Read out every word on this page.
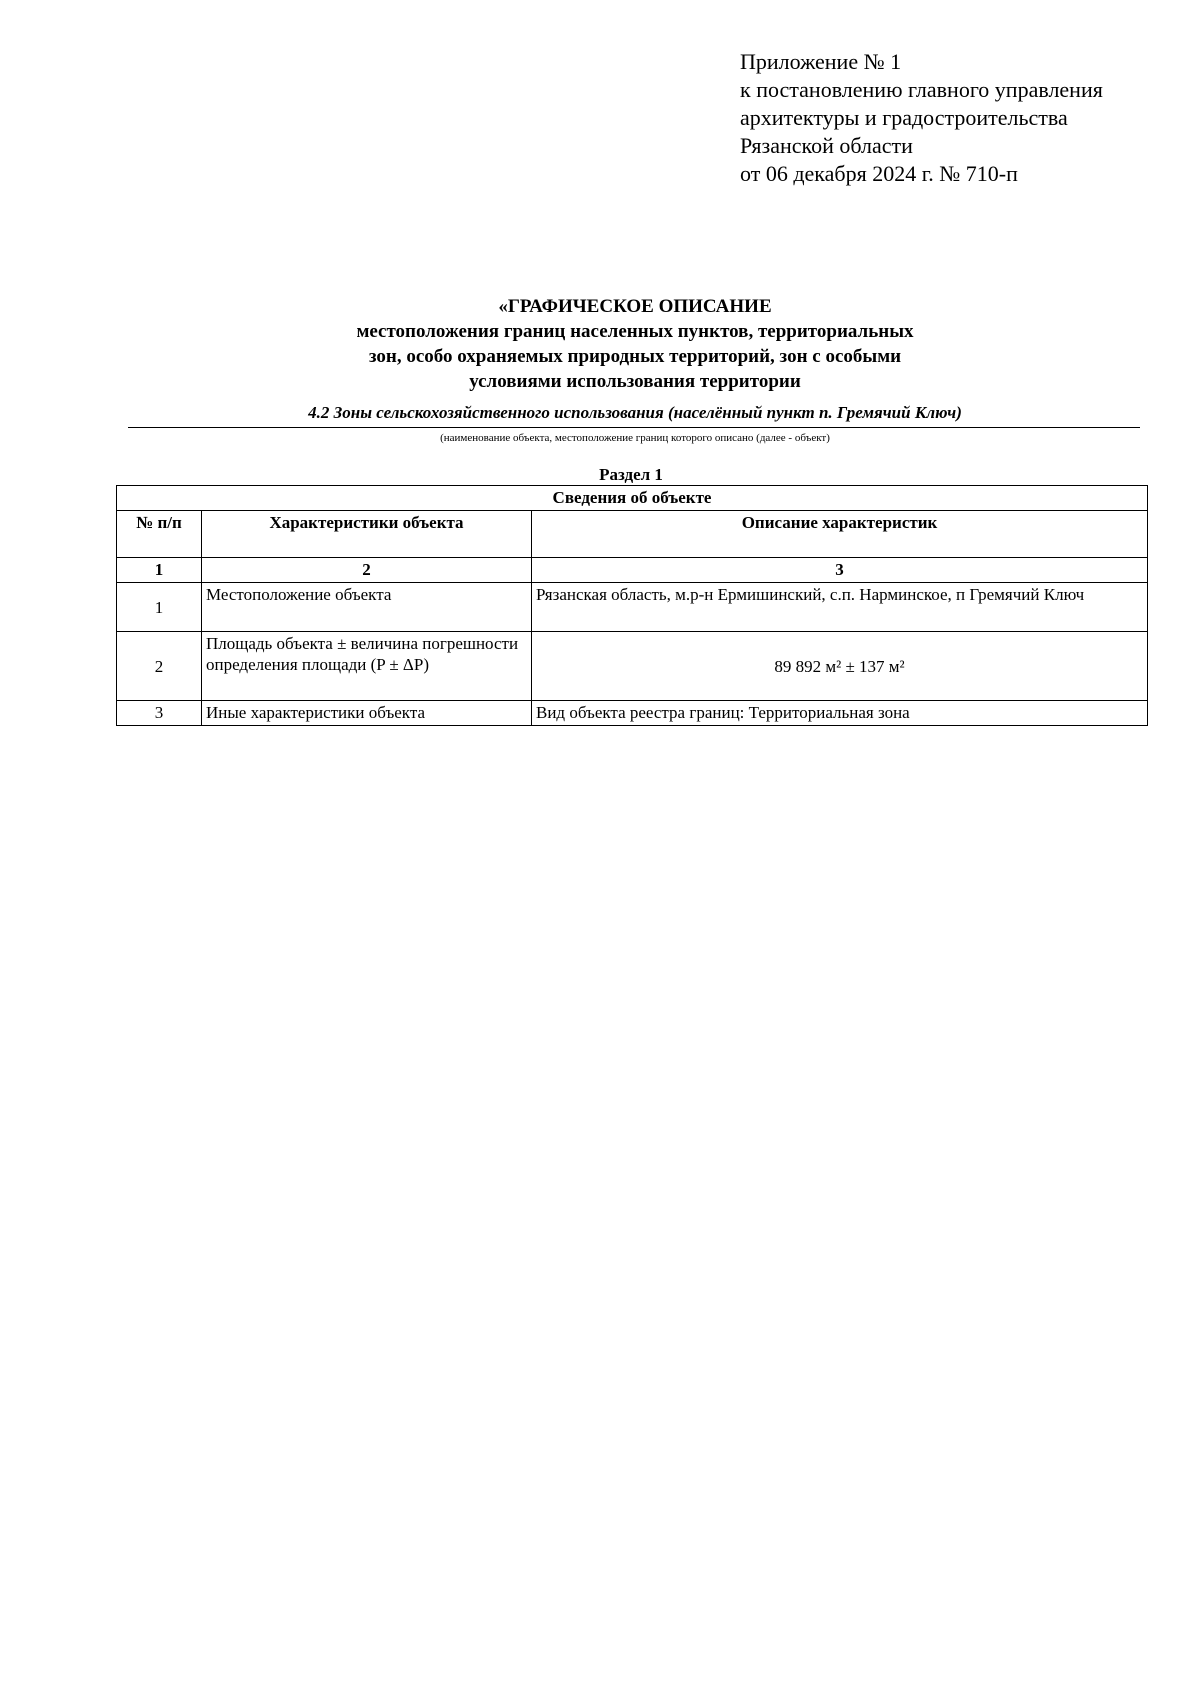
Приложение № 1
к постановлению главного управления
архитектуры и градостроительства
Рязанской области
от 06 декабря 2024 г. № 710-п
«ГРАФИЧЕСКОЕ ОПИСАНИЕ
местоположения границ населенных пунктов, территориальных
зон, особо охраняемых природных территорий, зон с особыми
условиями использования территории
4.2 Зоны сельскохозяйственного использования (населённый пункт п. Гремячий Ключ)
(наименование объекта, местоположение границ которого описано (далее - объект)
Раздел 1
Сведения об объекте		
№ п/п	Характеристики объекта	Описание характеристик
1	2	3
1	Местоположение объекта	Рязанская область, м.р-н Ермишинский, с.п. Нарминское, п Гремячий Ключ
2	Площадь объекта ± величина погрешности определения площади (P ± ΔP)	89 892 м² ± 137 м²
3	Иные характеристики объекта	Вид объекта реестра границ: Территориальная зона
